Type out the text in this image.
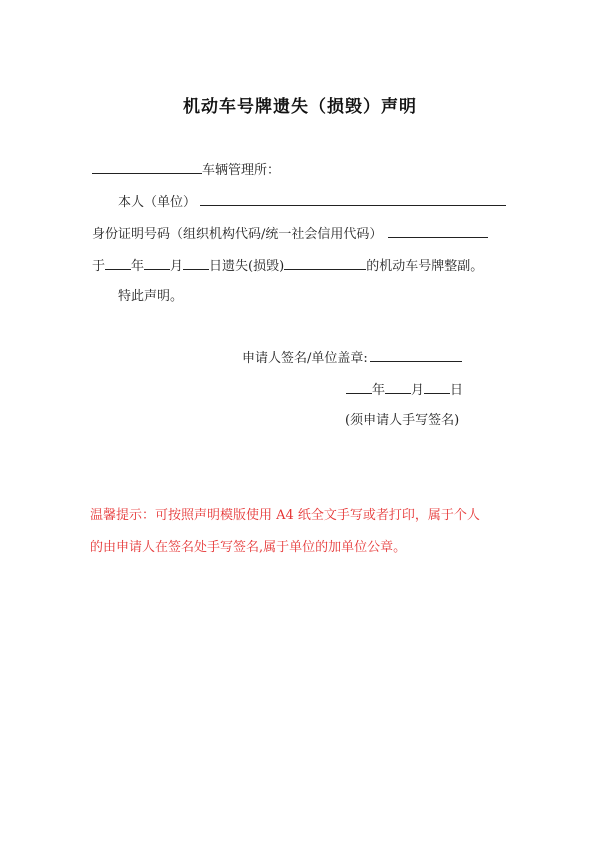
机动车号牌遗失（损毁）声明
车辆管理所：
本人（单位）
身份证明号码（组织机构代码/统一社会信用代码）
于 年 月 日遗失(损毁)	的机动车号牌整副。
特此声明。
申请人签名/单位盖章:
年 月 日
(须申请人手写签名)
温馨提示：可按照声明模版使用 A4 纸全文手写或者打印，属于个人
的由申请人在签名处手写签名,属于单位的加单位公章。
